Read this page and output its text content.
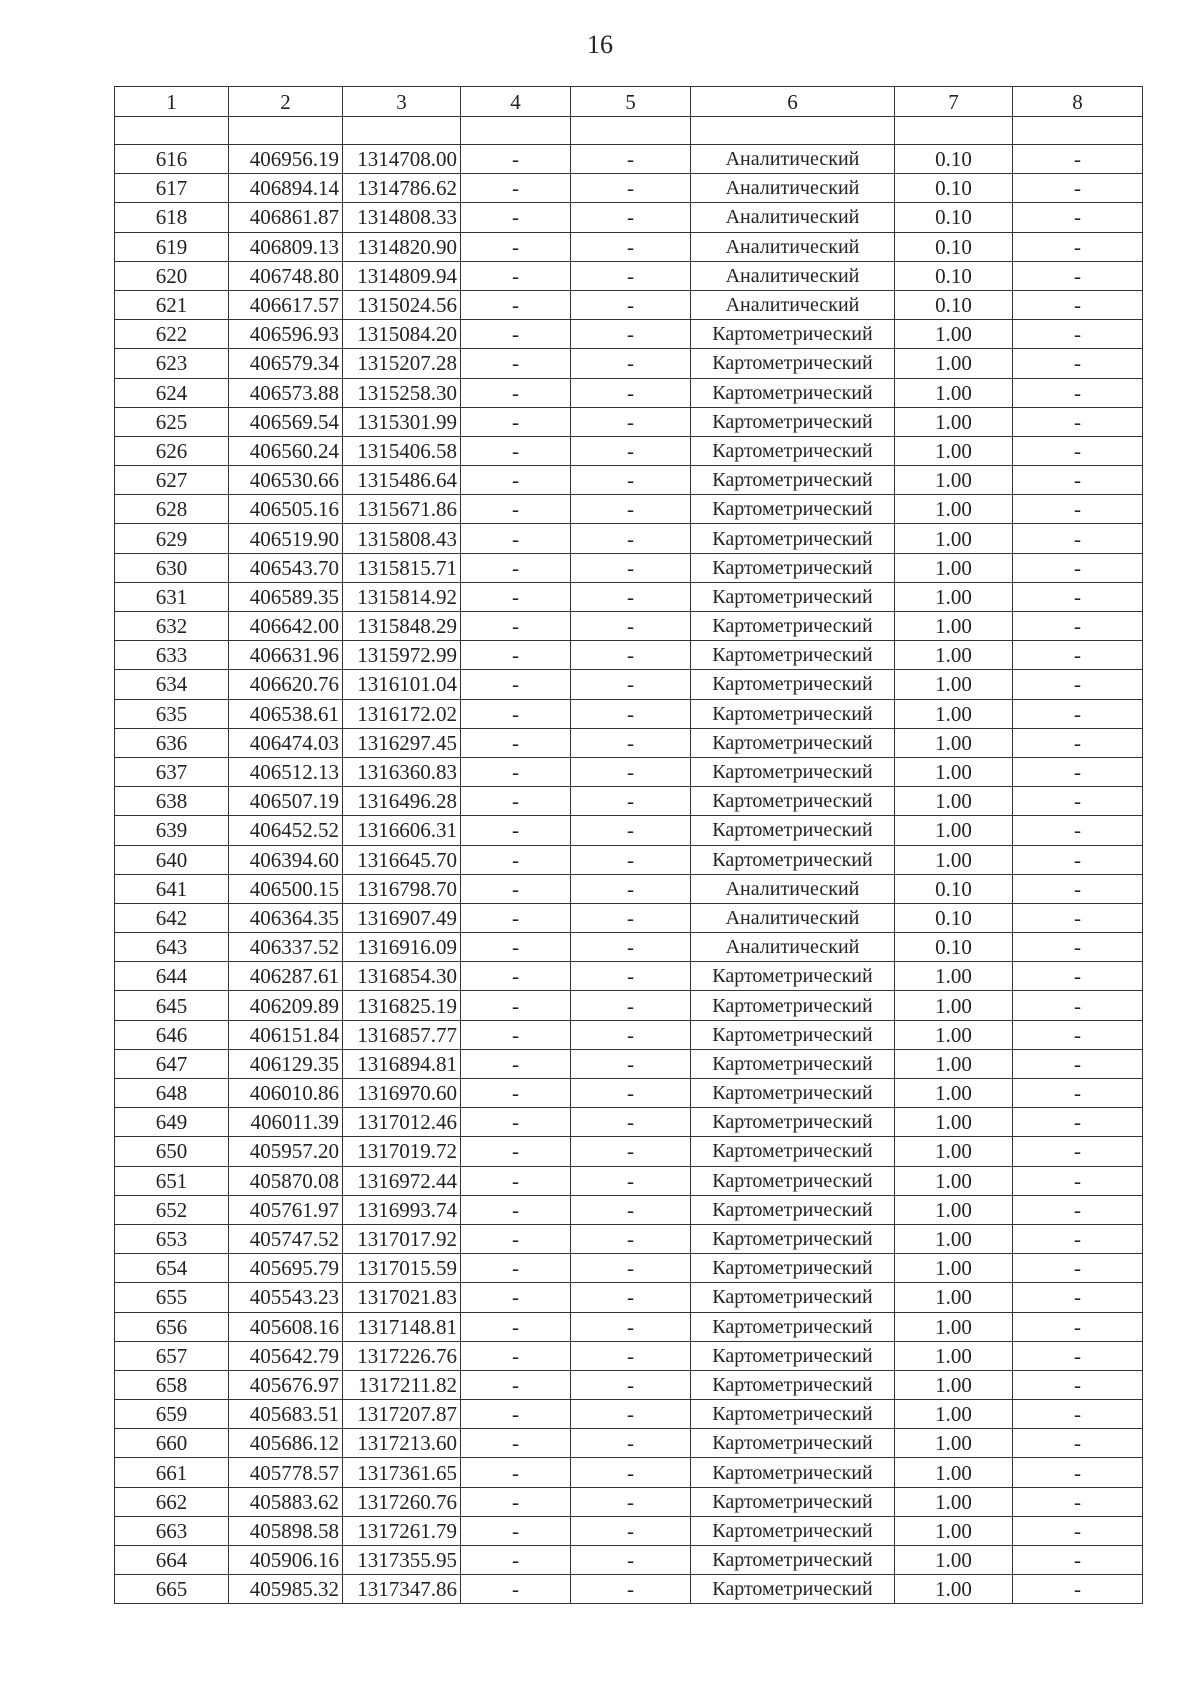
16
1	2	3	4	5	6	7	8

616	406956.19	1314708.00	-	-	Аналитический	0.10	-
617	406894.14	1314786.62	-	-	Аналитический	0.10	-
618	406861.87	1314808.33	-	-	Аналитический	0.10	-
619	406809.13	1314820.90	-	-	Аналитический	0.10	-
620	406748.80	1314809.94	-	-	Аналитический	0.10	-
621	406617.57	1315024.56	-	-	Аналитический	0.10	-
622	406596.93	1315084.20	-	-	Картометрический	1.00	-
623	406579.34	1315207.28	-	-	Картометрический	1.00	-
624	406573.88	1315258.30	-	-	Картометрический	1.00	-
625	406569.54	1315301.99	-	-	Картометрический	1.00	-
626	406560.24	1315406.58	-	-	Картометрический	1.00	-
627	406530.66	1315486.64	-	-	Картометрический	1.00	-
628	406505.16	1315671.86	-	-	Картометрический	1.00	-
629	406519.90	1315808.43	-	-	Картометрический	1.00	-
630	406543.70	1315815.71	-	-	Картометрический	1.00	-
631	406589.35	1315814.92	-	-	Картометрический	1.00	-
632	406642.00	1315848.29	-	-	Картометрический	1.00	-
633	406631.96	1315972.99	-	-	Картометрический	1.00	-
634	406620.76	1316101.04	-	-	Картометрический	1.00	-
635	406538.61	1316172.02	-	-	Картометрический	1.00	-
636	406474.03	1316297.45	-	-	Картометрический	1.00	-
637	406512.13	1316360.83	-	-	Картометрический	1.00	-
638	406507.19	1316496.28	-	-	Картометрический	1.00	-
639	406452.52	1316606.31	-	-	Картометрический	1.00	-
640	406394.60	1316645.70	-	-	Картометрический	1.00	-
641	406500.15	1316798.70	-	-	Аналитический	0.10	-
642	406364.35	1316907.49	-	-	Аналитический	0.10	-
643	406337.52	1316916.09	-	-	Аналитический	0.10	-
644	406287.61	1316854.30	-	-	Картометрический	1.00	-
645	406209.89	1316825.19	-	-	Картометрический	1.00	-
646	406151.84	1316857.77	-	-	Картометрический	1.00	-
647	406129.35	1316894.81	-	-	Картометрический	1.00	-
648	406010.86	1316970.60	-	-	Картометрический	1.00	-
649	406011.39	1317012.46	-	-	Картометрический	1.00	-
650	405957.20	1317019.72	-	-	Картометрический	1.00	-
651	405870.08	1316972.44	-	-	Картометрический	1.00	-
652	405761.97	1316993.74	-	-	Картометрический	1.00	-
653	405747.52	1317017.92	-	-	Картометрический	1.00	-
654	405695.79	1317015.59	-	-	Картометрический	1.00	-
655	405543.23	1317021.83	-	-	Картометрический	1.00	-
656	405608.16	1317148.81	-	-	Картометрический	1.00	-
657	405642.79	1317226.76	-	-	Картометрический	1.00	-
658	405676.97	1317211.82	-	-	Картометрический	1.00	-
659	405683.51	1317207.87	-	-	Картометрический	1.00	-
660	405686.12	1317213.60	-	-	Картометрический	1.00	-
661	405778.57	1317361.65	-	-	Картометрический	1.00	-
662	405883.62	1317260.76	-	-	Картометрический	1.00	-
663	405898.58	1317261.79	-	-	Картометрический	1.00	-
664	405906.16	1317355.95	-	-	Картометрический	1.00	-
665	405985.32	1317347.86	-	-	Картометрический	1.00	-
